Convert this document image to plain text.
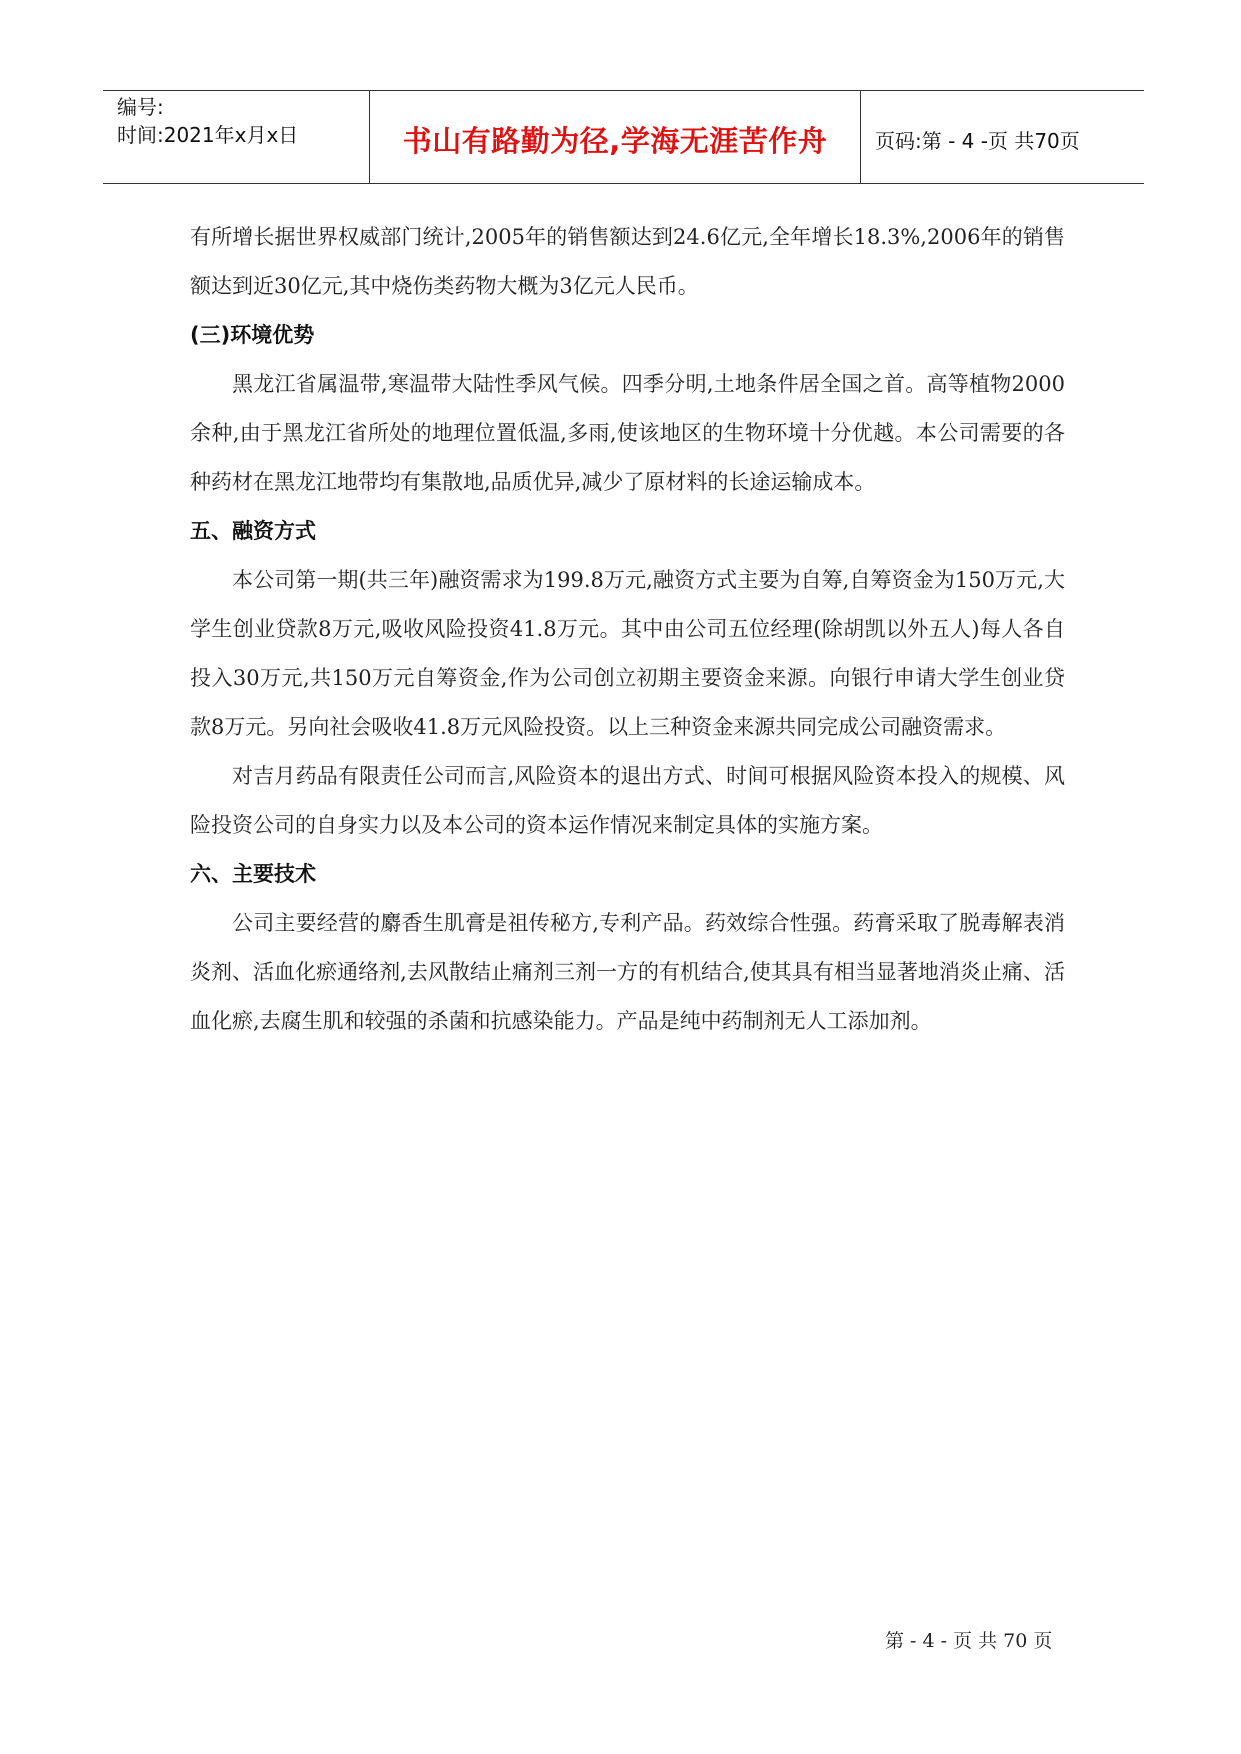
编号:
时间:2021年x月x日	书山有路勤为径,学海无涯苦作舟	页码:第 - 4 -页 共70页

有所增长据世界权威部门统计,2005年的销售额达到24.6亿元,全年增长18.3%,2006年的销售额达到近30亿元,其中烧伤类药物大概为3亿元人民币。

(三)环境优势

黑龙江省属温带,寒温带大陆性季风气候。四季分明,土地条件居全国之首。高等植物2000余种,由于黑龙江省所处的地理位置低温,多雨,使该地区的生物环境十分优越。本公司需要的各种药材在黑龙江地带均有集散地,品质优异,减少了原材料的长途运输成本。

五、融资方式

本公司第一期(共三年)融资需求为199.8万元,融资方式主要为自筹,自筹资金为150万元,大学生创业贷款8万元,吸收风险投资41.8万元。其中由公司五位经理(除胡凯以外五人)每人各自投入30万元,共150万元自筹资金,作为公司创立初期主要资金来源。向银行申请大学生创业贷款8万元。另向社会吸收41.8万元风险投资。以上三种资金来源共同完成公司融资需求。

对吉月药品有限责任公司而言,风险资本的退出方式、时间可根据风险资本投入的规模、风险投资公司的自身实力以及本公司的资本运作情况来制定具体的实施方案。

六、主要技术

公司主要经营的麝香生肌膏是祖传秘方,专利产品。药效综合性强。药膏采取了脱毒解表消炎剂、活血化瘀通络剂,去风散结止痛剂三剂一方的有机结合,使其具有相当显著地消炎止痛、活血化瘀,去腐生肌和较强的杀菌和抗感染能力。产品是纯中药制剂无人工添加剂。

第 - 4 - 页 共 70 页
